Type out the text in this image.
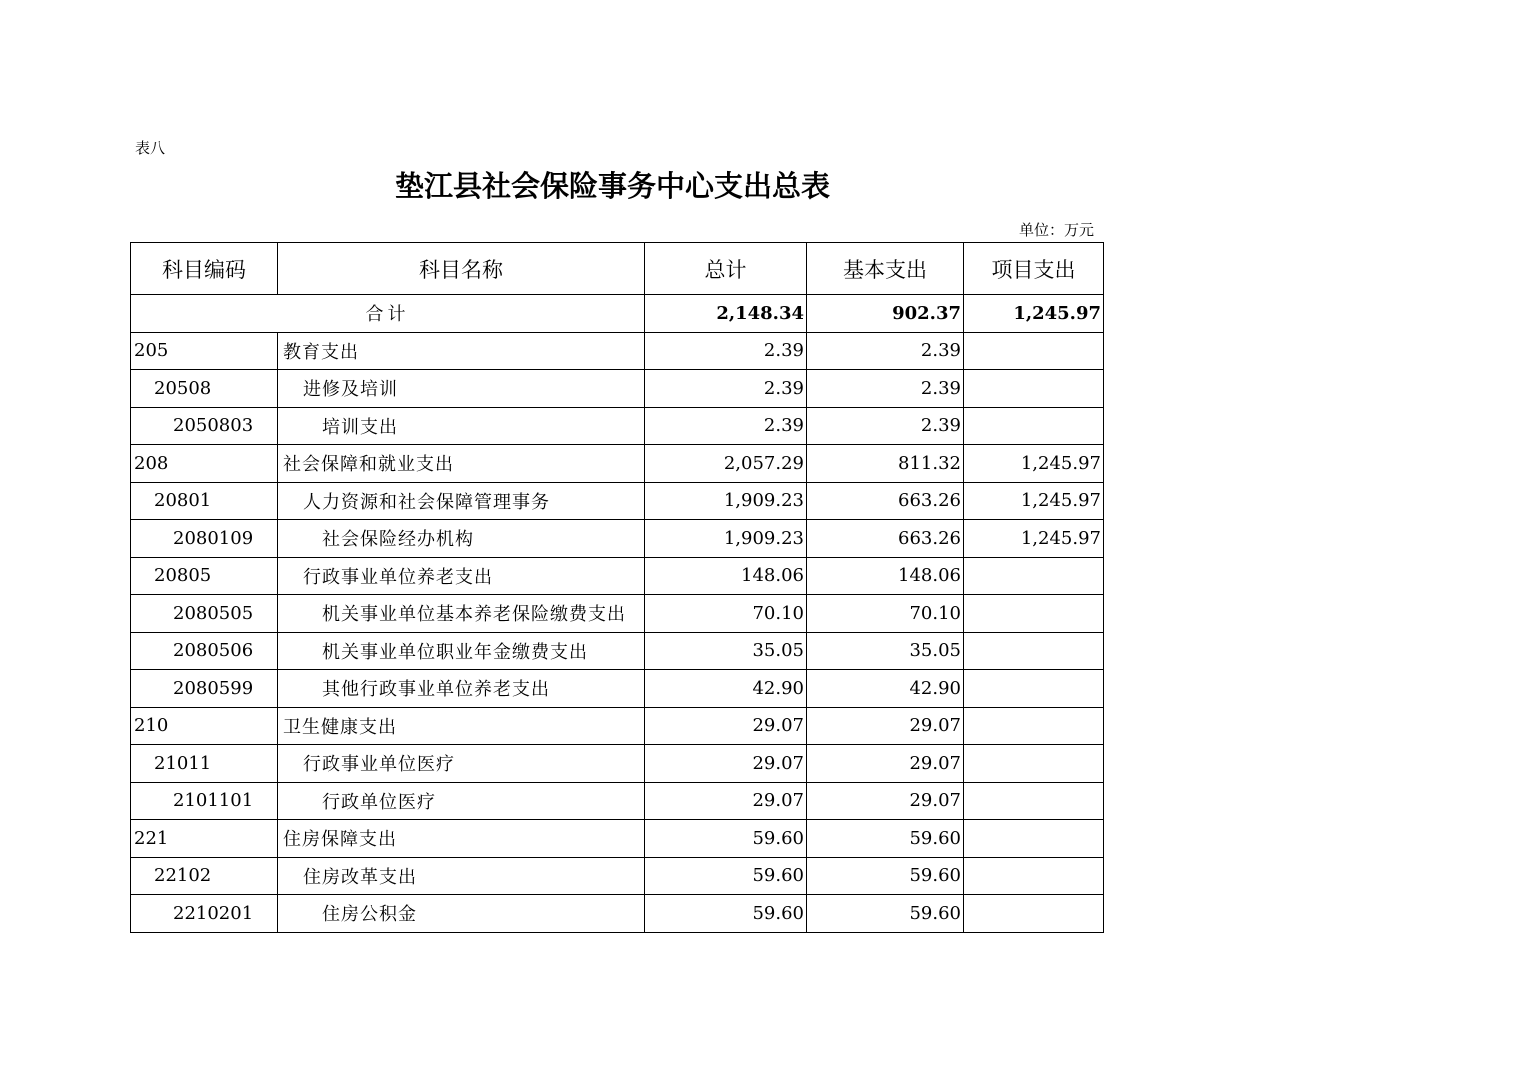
表八
垫江县社会保险事务中心支出总表
单位：万元
科目编码	科目名称	总计	基本支出	项目支出
合计		2,148.34	902.37	1,245.97
205	教育支出	2.39	2.39	
20508	进修及培训	2.39	2.39	
2050803	培训支出	2.39	2.39	
208	社会保障和就业支出	2,057.29	811.32	1,245.97
20801	人力资源和社会保障管理事务	1,909.23	663.26	1,245.97
2080109	社会保险经办机构	1,909.23	663.26	1,245.97
20805	行政事业单位养老支出	148.06	148.06	
2080505	机关事业单位基本养老保险缴费支出	70.10	70.10	
2080506	机关事业单位职业年金缴费支出	35.05	35.05	
2080599	其他行政事业单位养老支出	42.90	42.90	
210	卫生健康支出	29.07	29.07	
21011	行政事业单位医疗	29.07	29.07	
2101101	行政单位医疗	29.07	29.07	
221	住房保障支出	59.60	59.60	
22102	住房改革支出	59.60	59.60	
2210201	住房公积金	59.60	59.60	
